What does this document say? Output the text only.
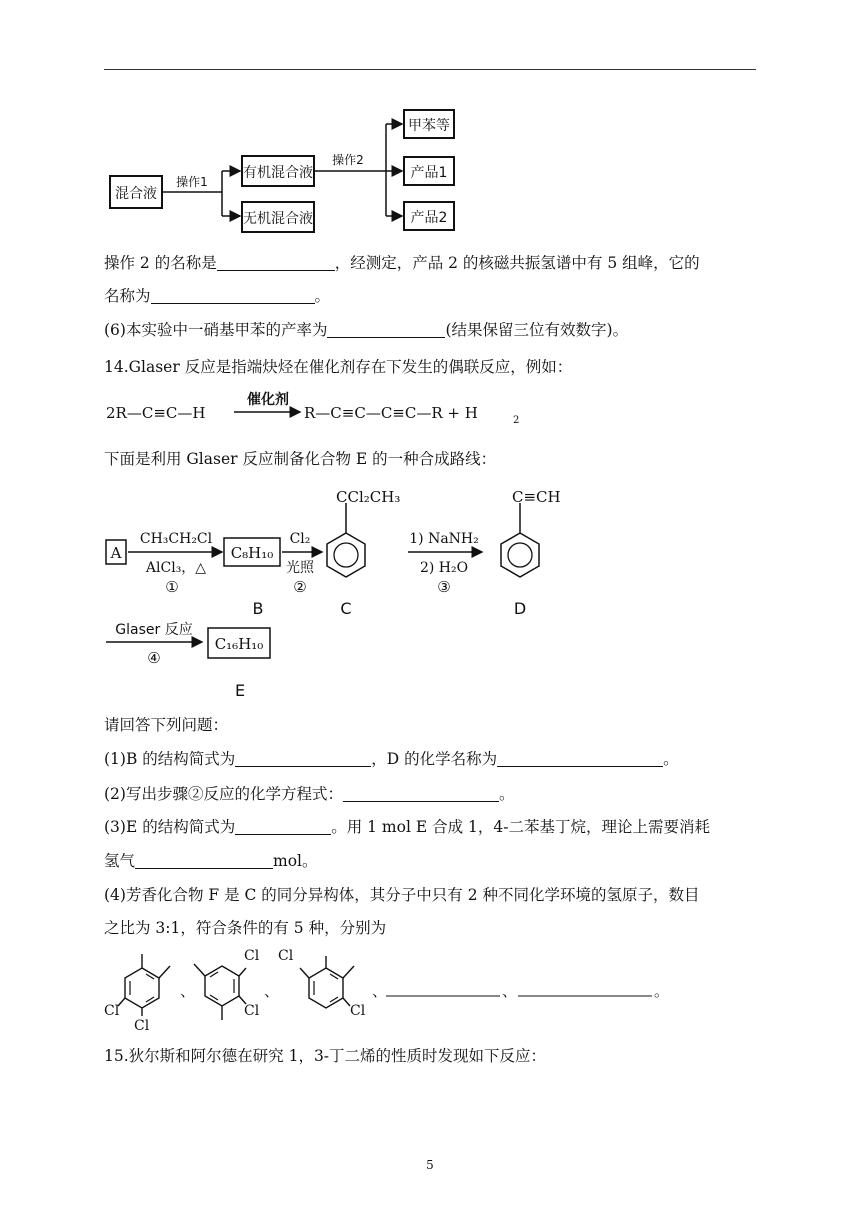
混合液
操作1
有机混合液
无机混合液
操作2
甲苯等
产品1
产品2
操作 2 的名称是	，经测定，产品 2 的核磁共振氢谱中有 5 组峰，它的
名称为	。
(6)本实验中一硝基甲苯的产率为	(结果保留三位有效数字)。
14.Glaser 反应是指端炔烃在催化剂存在下发生的偶联反应，例如：
2R—C≡C—H
催化剂
R—C≡C—C≡C—R + H	2
下面是利用 Glaser 反应制备化合物 E 的一种合成路线：
A
CH₃CH₂Cl
AlCl₃，△
①
C₈H₁₀
B
Cl₂
光照
②
CCl₂CH₃
C
1) NaNH₂
2) H₂O
③
C≡CH
D
Glaser 反应
④
C₁₆H₁₀
E
请回答下列问题：
(1)B 的结构简式为	，D 的化学名称为	。
(2)写出步骤②反应的化学方程式：	。
(3)E 的结构简式为	。用 1 mol E 合成 1，4-二苯基丁烷，理论上需要消耗
氢气	mol。
(4)芳香化合物 F 是 C 的同分异构体，其分子中只有 2 种不同化学环境的氢原子，数目
之比为 3:1，符合条件的有 5 种，分别为
Cl
Cl
、
Cl
Cl
、
Cl
Cl
、	、	。
15.狄尔斯和阿尔德在研究 1，3-丁二烯的性质时发现如下反应：
5
